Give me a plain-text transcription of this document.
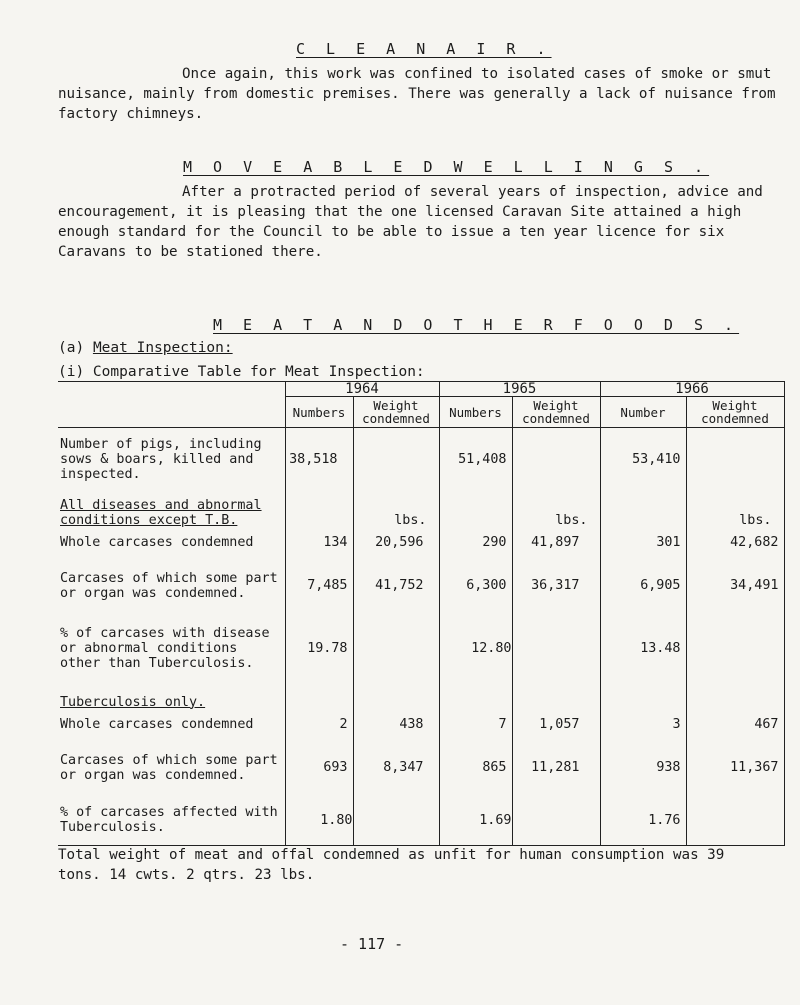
C L E A N A I R .
Once again, this work was confined to isolated cases of smoke or smut nuisance, mainly from domestic premises. There was generally a lack of nuisance from factory chimneys.
M O V E A B L E D W E L L I N G S .
After a protracted period of several years of inspection, advice and encouragement, it is pleasing that the one licensed Caravan Site attained a high enough standard for the Council to be able to issue a ten year licence for six Caravans to be stationed there.
M E A T A N D O T H E R F O O D S .
(a) Meat Inspection:
(i) Comparative Table for Meat Inspection:
	1964		1965		1966	
	Numbers	Weight condemned	Numbers	Weight condemned	Number	Weight condemned
Number of pigs, including sows & boars, killed and inspected.	38,518		51,408		53,410	
All diseases and abnormal conditions except T.B.		lbs.		lbs.		lbs.
Whole carcases condemned	134	20,596	290	41,897	301	42,682
Carcases of which some part or organ was condemned.	7,485	41,752	6,300	36,317	6,905	34,491
% of carcases with disease or abnormal conditions other than Tuberculosis.	19.78		12.80		13.48	
Tuberculosis only.						
Whole carcases condemned	2	438	7	1,057	3	467
Carcases of which some part or organ was condemned.	693	8,347	865	11,281	938	11,367
% of carcases affected with Tuberculosis.	1.80		1.69		1.76	
Total weight of meat and offal condemned as unfit for human consumption was 39 tons. 14 cwts. 2 qtrs. 23 lbs.
- 117 -
